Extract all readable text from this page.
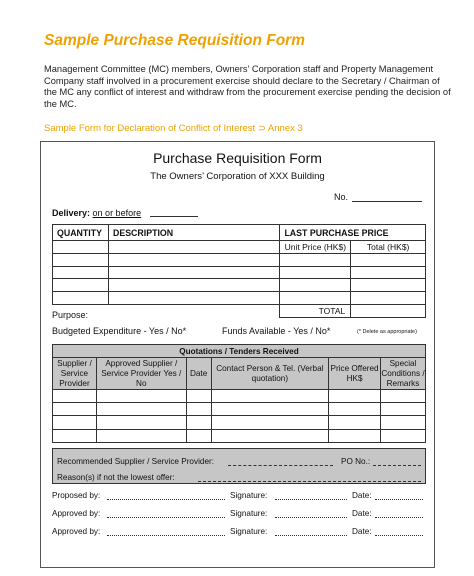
Sample Purchase Requisition Form
Management Committee (MC) members, Owners’ Corporation staff and Property Management Company staff involved in a procurement exercise should declare to the Secretary / Chairman of the MC any conflict of interest and withdraw from the procurement exercise pending the decision of the MC.
Sample Form for Declaration of Conflict of Interest ⊃ Annex 3
Purchase Requisition Form
The Owners’ Corporation of XXX Building
No.
Delivery: on or before
QUANTITY	DESCRIPTION	LAST PURCHASE PRICE	
		Unit Price (HK$)	Total (HK$)

		TOTAL	
Purpose:
Budgeted Expenditure - Yes / No*	Funds Available - Yes / No*	(* Delete as appropriate)
Quotations / Tenders Received					
Supplier / Service Provider	Approved Supplier / Service Provider Yes / No	Date	Contact Person & Tel. (Verbal quotation)	Price Offered HK$	Special Conditions / Remarks

Recommended Supplier / Service Provider:	PO No.:
Reason(s) if not the lowest offer:
Proposed by:	Signature:	Date:
Approved by:	Signature:	Date:
Approved by:	Signature:	Date:
